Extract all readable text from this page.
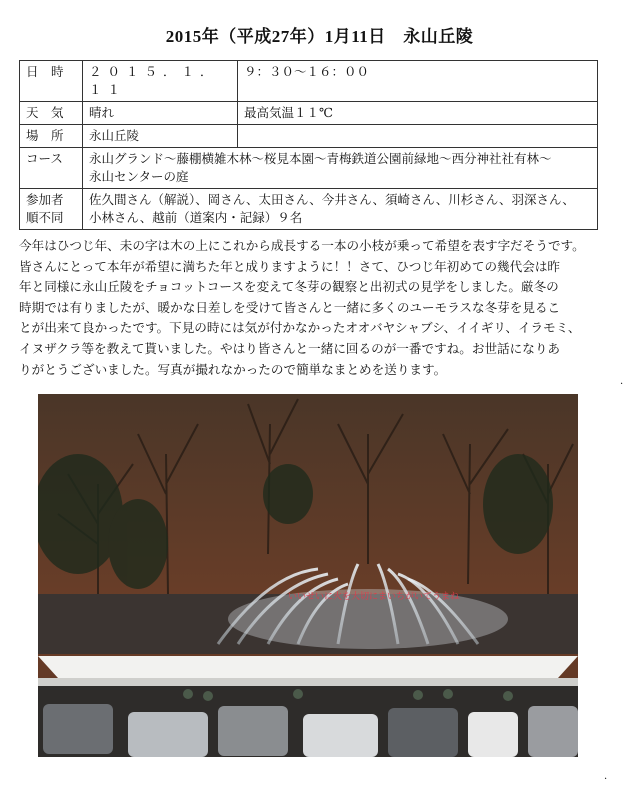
2015年（平成27年）1月11日　永山丘陵
日　時	２０１５．１．１１	９：３０～１６：００
天　気	晴れ	最高気温１１℃
場　所	永山丘陵	
コース	永山グランド～藤棚横雑木林～桜見本園～青梅鉄道公園前緑地～西分神社社有林～
永山センターの庭	
参加者
順不同	佐久間さん（解説）、岡さん、太田さん、今井さん、須崎さん、川杉さん、羽深さん、
小林さん、越前（道案内・記録）９名	
今年はひつじ年、未の字は木の上にこれから成長する一本の小枝が乗って希望を表す字だそうです。
皆さんにとって本年が希望に満ちた年と成りますように！！さて、ひつじ年初めての幾代会は昨
年と同様に永山丘陵をチョコットコースを変えて冬芽の観察と出初式の見学をしました。厳冬の
時期では有りましたが、暖かな日差しを受けて皆さんと一緒に多くのユーモラスな冬芽を見るこ
とが出来て良かったです。下見の時には気が付かなかったオオバヤシャブシ、イイギリ、イラモミ、
イヌザクラ等を教えて貰いました。やはり皆さんと一緒に回るのが一番ですね。お世話になりあ
りがとうございました。写真が撮れなかったので簡単なまとめを送ります。
.
.
いいせいに火を大切にまいちがいてうまね
